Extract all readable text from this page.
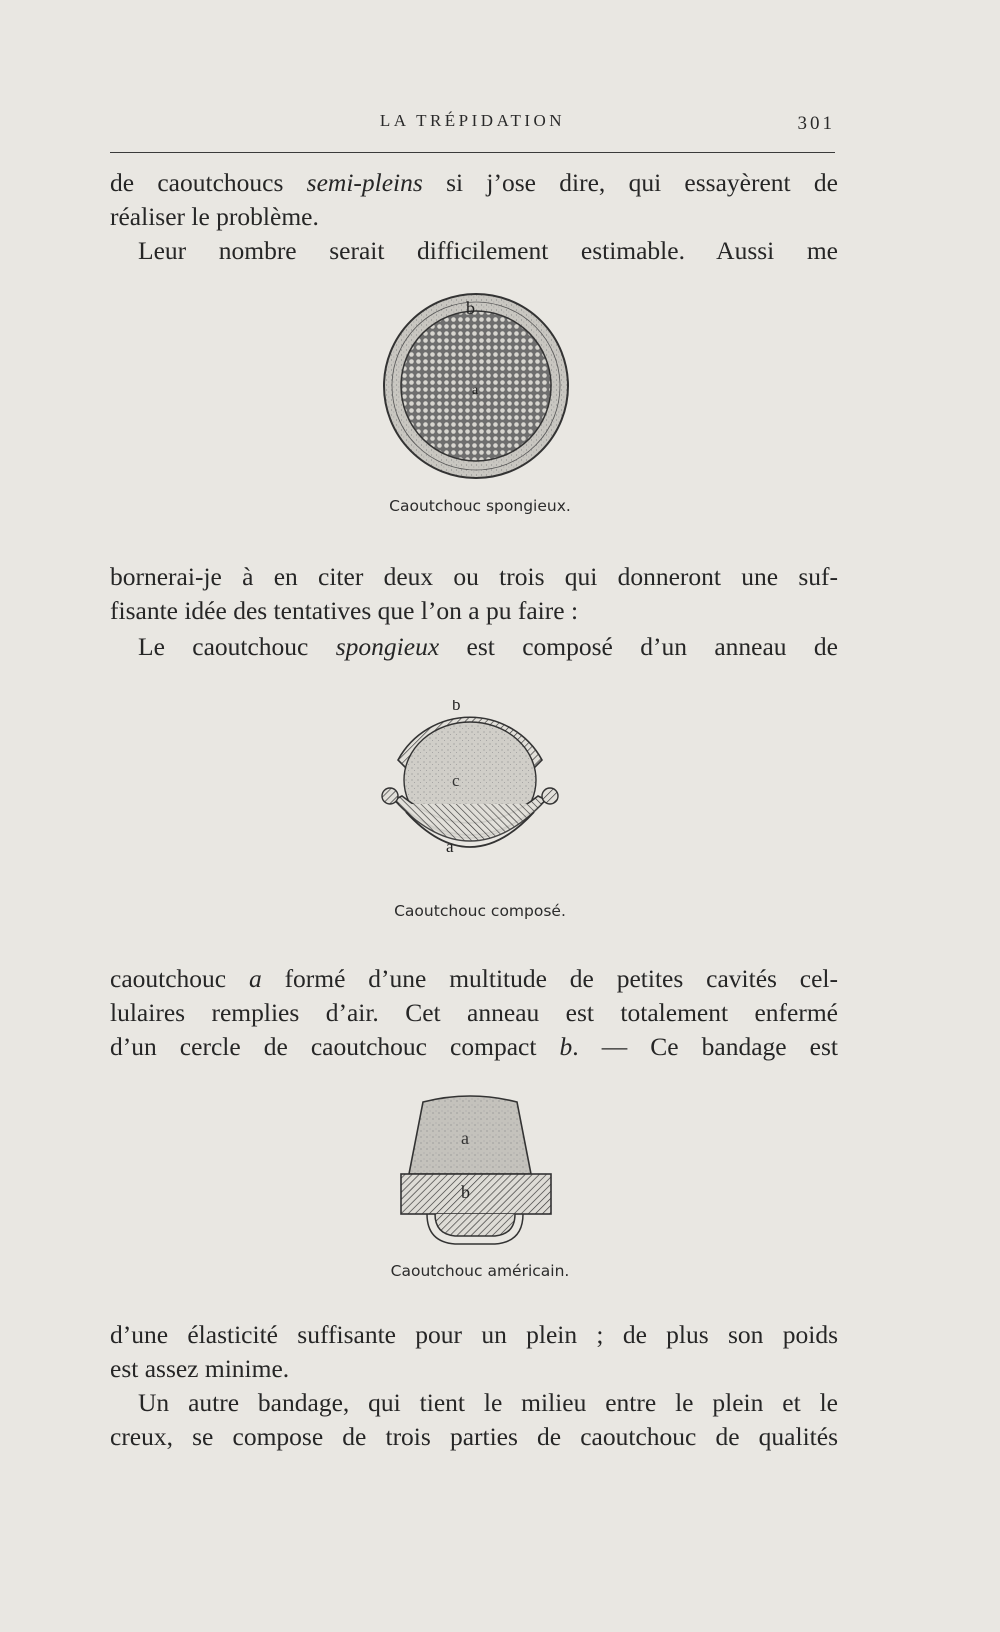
LA TRÉPIDATION	301
de caoutchoucs semi-pleins si j’ose dire, qui essayèrent de
réaliser le problème.
Leur nombre serait difficilement estimable. Aussi me
b
a
Caoutchouc spongieux.
bornerai-je à en citer deux ou trois qui donneront une suf-
fisante idée des tentatives que l’on a pu faire :
Le caoutchouc spongieux est composé d’un anneau de
b
c
a
Caoutchouc composé.
caoutchouc a formé d’une multitude de petites cavités cel-
lulaires remplies d’air. Cet anneau est totalement enfermé
d’un cercle de caoutchouc compact b. — Ce bandage est
a
b
Caoutchouc américain.
d’une élasticité suffisante pour un plein ; de plus son poids
est assez minime.
Un autre bandage, qui tient le milieu entre le plein et le
creux, se compose de trois parties de caoutchouc de qualités
